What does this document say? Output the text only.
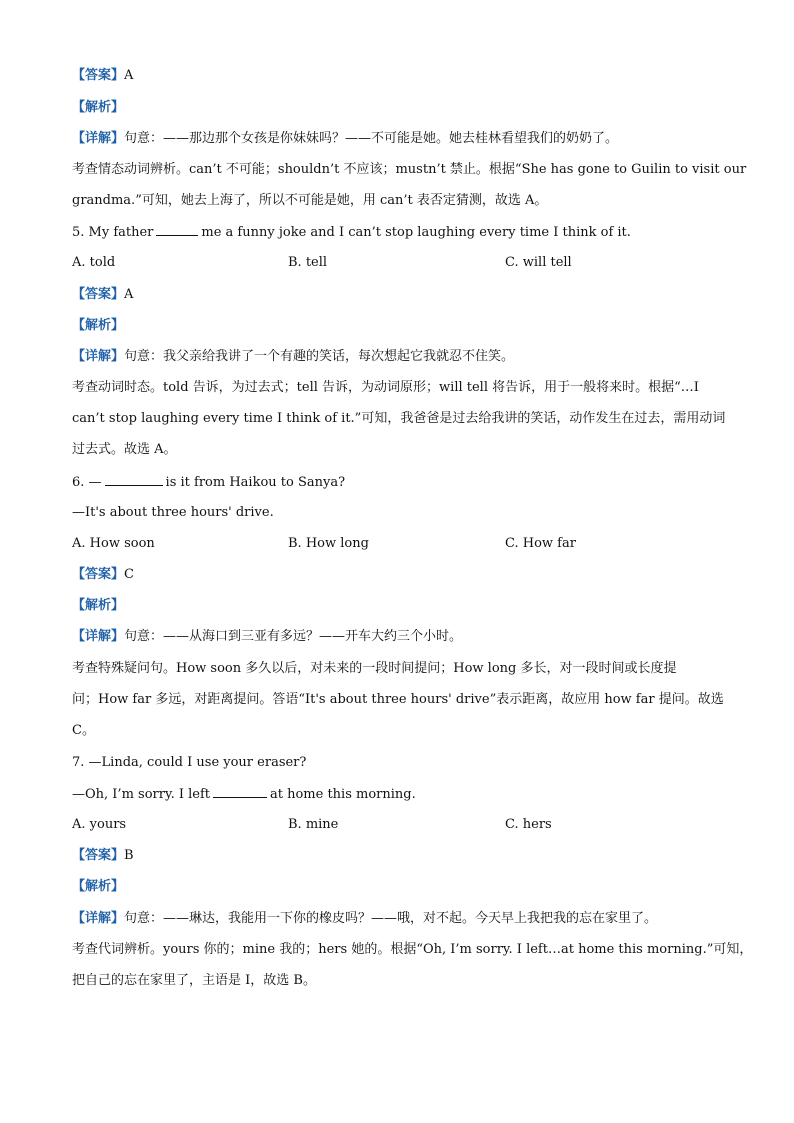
【答案】A
【解析】
【详解】句意：——那边那个女孩是你妹妹吗？——不可能是她。她去桂林看望我们的奶奶了。
考查情态动词辨析。can’t 不可能；shouldn’t 不应该；mustn’t 禁止。根据“She has gone to Guilin to visit our
grandma.”可知，她去上海了，所以不可能是她，用 can’t 表否定猜测，故选 A。
5. My father	me a funny joke and I can’t stop laughing every time I think of it.
A. told	B. tell	C. will tell
【答案】A
【解析】
【详解】句意：我父亲给我讲了一个有趣的笑话，每次想起它我就忍不住笑。
考查动词时态。told 告诉，为过去式；tell 告诉，为动词原形；will tell 将告诉，用于一般将来时。根据“…I
can’t stop laughing every time I think of it.”可知，我爸爸是过去给我讲的笑话，动作发生在过去，需用动词
过去式。故选 A。
6. —	is it from Haikou to Sanya?
—It's about three hours' drive.
A. How soon	B. How long	C. How far
【答案】C
【解析】
【详解】句意：——从海口到三亚有多远？——开车大约三个小时。
考查特殊疑问句。How soon 多久以后，对未来的一段时间提问；How long 多长，对一段时间或长度提
问；How far 多远，对距离提问。答语“It's about three hours' drive”表示距离，故应用 how far 提问。故选
C。
7. —Linda, could I use your eraser?
—Oh, I’m sorry. I left	at home this morning.
A. yours	B. mine	C. hers
【答案】B
【解析】
【详解】句意：——琳达，我能用一下你的橡皮吗？——哦，对不起。今天早上我把我的忘在家里了。
考查代词辨析。yours 你的；mine 我的；hers 她的。根据“Oh, I’m sorry. I left…at home this morning.”可知，
把自己的忘在家里了，主语是 I，故选 B。
